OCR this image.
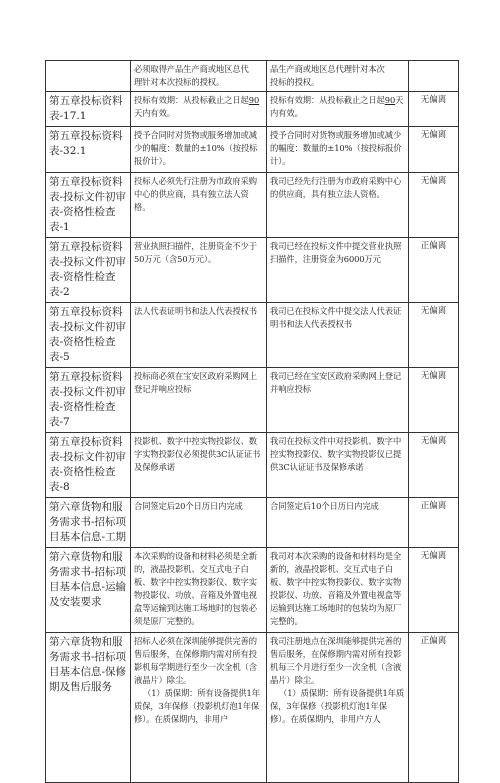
	必须取得产品生产商或地区总代
理针对本次投标的授权。	品生产商或地区总代理针对本次
投标的授权。	

第五章投标资料表-17.1	投标有效期：从投标截止之日起90天内有效。	投标有效期：从投标截止之日起90天内有效。	无偏离
第五章投标资料表-32.1	授予合同时对货物或服务增加或减少的幅度：数量的±10%（按投标报价计）。	授予合同时对货物或服务增加或减少的幅度：数量的±10%（按投标报价计）。	无偏离
第五章投标资料表-投标文件初审表-资格性检查表-1	投标人必须先行注册为市政府采购中心的供应商，具有独立法人资格。	我司已经先行注册为市政府采购中心的供应商，具有独立法人资格。	无偏离
第五章投标资料表-投标文件初审表-资格性检查表-2	营业执照扫描件，注册资金不少于50万元（含50万元）。	我司已经在投标文件中提交营业执照扫描件，注册资金为6000万元	正偏离
第五章投标资料表-投标文件初审表-资格性检查表-5	法人代表证明书和法人代表授权书	我司已在投标文件中提交法人代表证明书和法人代表授权书	无偏离
第五章投标资料表-投标文件初审表-资格性检查表-7	投标商必须在宝安区政府采购网上登记并响应投标	我司已经在宝安区政府采购网上登记并响应投标	无偏离
第五章投标资料表-投标文件初审表-资格性检查表-8	投影机、数字中控实物投影仪、数字实物投影仪必须提供3C认证证书及保修承诺	我司在投标文件中对投影机、数字中控实物投影仪、数字实物投影仪已提供3C认证证书及保修承诺	无偏离
第六章货物和服务需求书-招标项目基本信息-工期	合同签定后20个日历日内完成	合同签定后10个日历日内完成	正偏离
第六章货物和服务需求书-招标项目基本信息-运输及安装要求	本次采购的设备和材料必须是全新的，液晶投影机、交互式电子白板、数字中控实物投影仪、数字实物投影仪、功放、音箱及外置电视盒等运输到达施工场地时的包装必须是原厂完整的。	我司对本次采购的设备和材料均是全新的，液晶投影机、交互式电子白板、数字中控实物投影仪、数字实物投影仪、功放、音箱及外置电视盒等运输到达施工场地时的包装均为原厂完整的。	无偏离
第六章货物和服务需求书-招标项目基本信息-保修期及售后服务	招标人必须在深圳能够提供完善的售后服务，在保修期内需对所有投影机每学期进行至少一次全机（含液晶片）除尘。
（1）质保期：所有设备提供1年质保，3年保修（投影机灯泡1年保修）。在质保期内，非用户	我司注册地点在深圳能够提供完善的售后服务，在保修期内需对所有投影机每三个月进行至少一次全机（含液晶片）除尘。
（1）质保期：所有设备提供1年质保，3年保修（投影机灯泡1年保修）。在质保期内，非用户方人	正偏离
